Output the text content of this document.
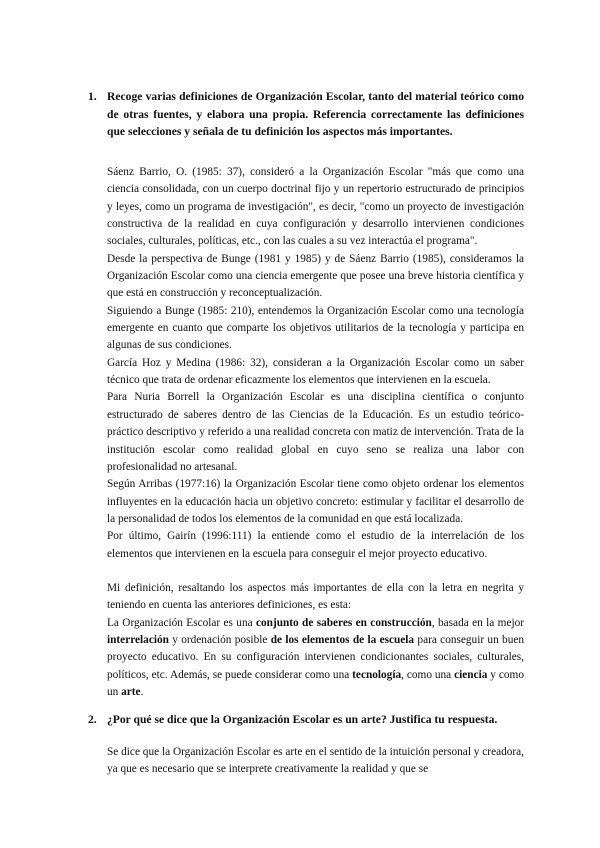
1. Recoge varias definiciones de Organización Escolar, tanto del material teórico como de otras fuentes, y elabora una propia. Referencia correctamente las definiciones que selecciones y señala de tu definición los aspectos más importantes.

Sáenz Barrio, O. (1985: 37), consideró a la Organización Escolar "más que como una ciencia consolidada, con un cuerpo doctrinal fijo y un repertorio estructurado de principios y leyes, como un programa de investigación", es decir, "como un proyecto de investigación constructiva de la realidad en cuya configuración y desarrollo intervienen condiciones sociales, culturales, políticas, etc., con las cuales a su vez interactúa el programa".

Desde la perspectiva de Bunge (1981 y 1985) y de Sáenz Barrio (1985), consideramos la Organización Escolar como una ciencia emergente que posee una breve historia científica y que está en construcción y reconceptualización.

Siguiendo a Bunge (1985: 210), entendemos la Organización Escolar como una tecnología emergente en cuanto que comparte los objetivos utilitarios de la tecnología y participa en algunas de sus condiciones.

García Hoz y Medina (1986: 32), consideran a la Organización Escolar como un saber técnico que trata de ordenar eficazmente los elementos que intervienen en la escuela.

Para Nuria Borrell la Organización Escolar es una disciplina científica o conjunto estructurado de saberes dentro de las Ciencias de la Educación. Es un estudio teórico-práctico descriptivo y referido a una realidad concreta con matiz de intervención. Trata de la institución escolar como realidad global en cuyo seno se realiza una labor con profesionalidad no artesanal.

Según Arribas (1977:16) la Organización Escolar tiene como objeto ordenar los elementos influyentes en la educación hacia un objetivo concreto: estimular y facilitar el desarrollo de la personalidad de todos los elementos de la comunidad en que está localizada.

Por último, Gairín (1996:111) la entiende como el estudio de la interrelación de los elementos que intervienen en la escuela para conseguir el mejor proyecto educativo.

Mi definición, resaltando los aspectos más importantes de ella con la letra en negrita y teniendo en cuenta las anteriores definiciones, es esta:

La Organización Escolar es una conjunto de saberes en construcción, basada en la mejor interrelación y ordenación posible de los elementos de la escuela para conseguir un buen proyecto educativo. En su configuración intervienen condicionantes sociales, culturales, políticos, etc. Además, se puede considerar como una tecnología, como una ciencia y como un arte.

2. ¿Por qué se dice que la Organización Escolar es un arte? Justifica tu respuesta.

Se dice que la Organización Escolar es arte en el sentido de la intuición personal y creadora, ya que es necesario que se interprete creativamente la realidad y que se
